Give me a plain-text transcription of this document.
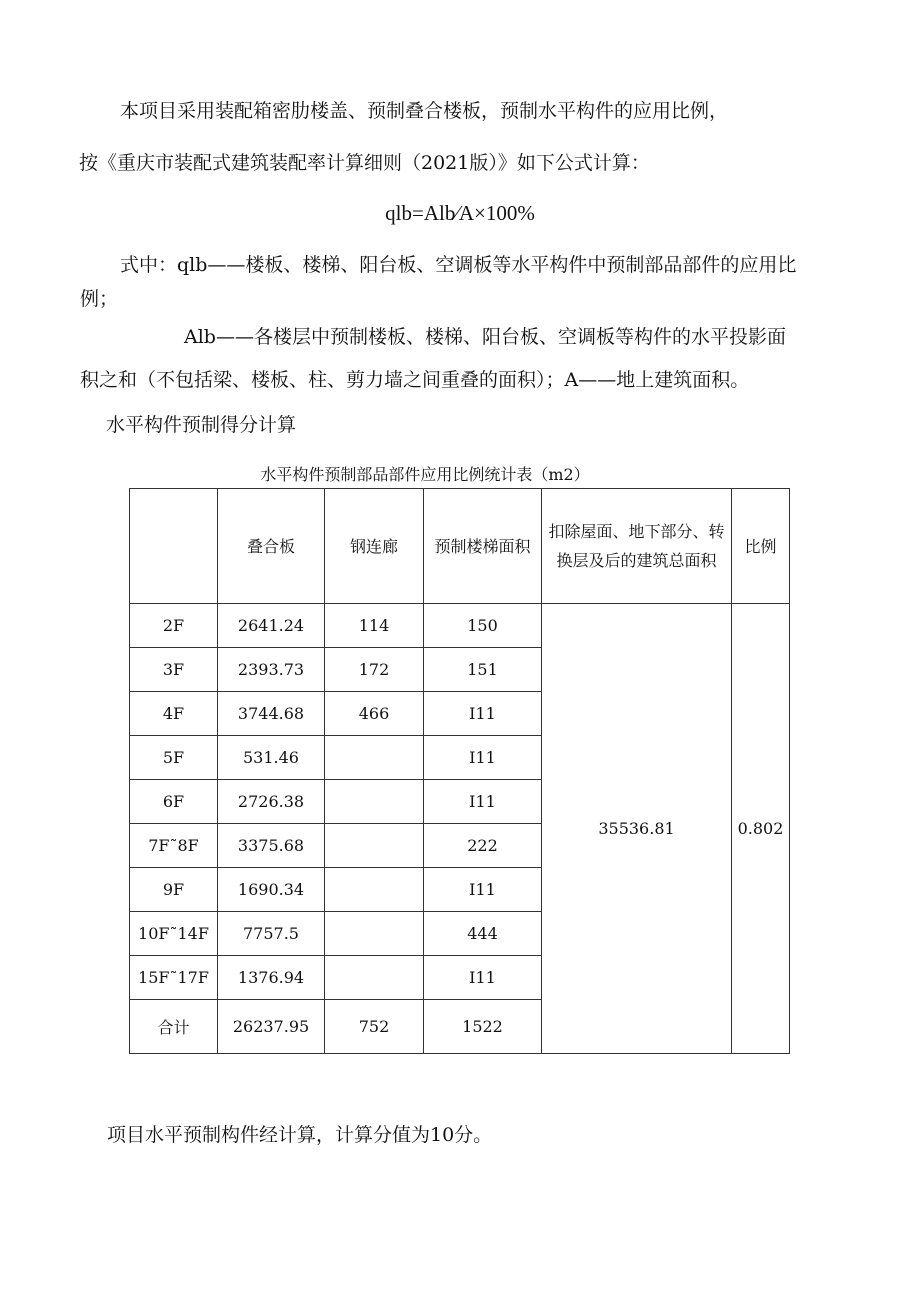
本项目采用装配箱密肋楼盖、预制叠合楼板，预制水平构件的应用比例，
按《重庆市装配式建筑装配率计算细则（2021版）》如下公式计算：
qlb=Alb⁄A×100%
式中：qlb——楼板、楼梯、阳台板、空调板等水平构件中预制部品部件的应用比
例；
Alb——各楼层中预制楼板、楼梯、阳台板、空调板等构件的水平投影面
积之和（不包括梁、楼板、柱、剪力墙之间重叠的面积）；A——地上建筑面积。
水平构件预制得分计算
水平构件预制部品部件应用比例统计表（m2）
	叠合板	钢连廊	预制楼梯面积	扣除屋面、地下部分、转换层及后的建筑总面积	比例
2F	2641.24	114	150	35536.81	0.802
3F	2393.73	172	151		
4F	3744.68	466	I11		
5F	531.46		I11		
6F	2726.38		I11		
7F˜8F	3375.68		222		
9F	1690.34		I11		
10F˜14F	7757.5		444		
15F˜17F	1376.94		I11		
合计	26237.95	752	1522		
项目水平预制构件经计算，计算分值为10分。
